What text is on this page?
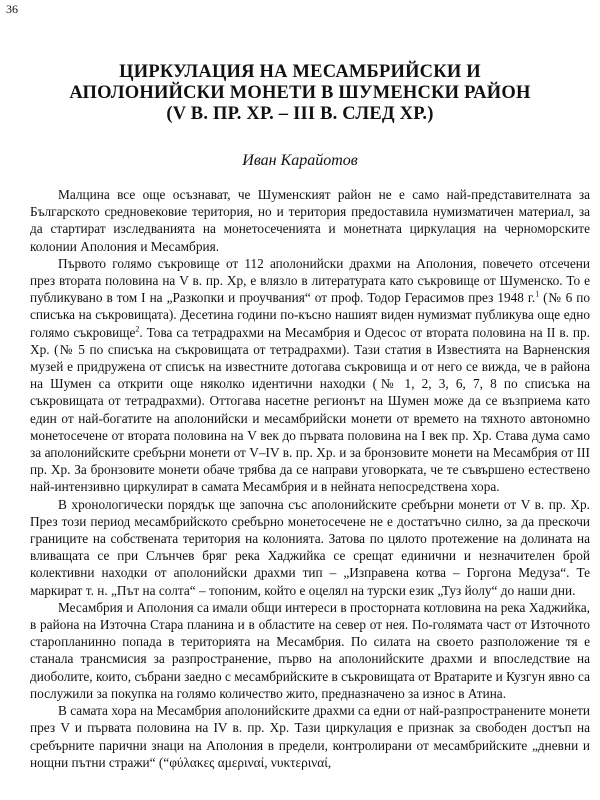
36
ЦИРКУЛАЦИЯ НА МЕСАМБРИЙСКИ И
АПОЛОНИЙСКИ МОНЕТИ В ШУМЕНСКИ РАЙОН
(V В. ПР. ХР. – III В. СЛЕД ХР.)
Иван Карайотов

Малцина все още осъзнават, че Шуменският район не е само най-представителната за Българското средновековие територия, но и територия предоставила нумизматичен материал, за да стартират изследванията на монетосеченията и монетната циркулация на черноморските колонии Аполония и Месамбрия.

Първото голямо съкровище от 112 аполонийски драхми на Аполония, повечето отсечени през втората половина на V в. пр. Хр, е влязло в литературата като съкровище от Шуменско. То е публикувано в том I на „Разкопки и проучвания“ от проф. Тодор Герасимов през 1948 г.$^1$ (№ 6 по списъка на съкровищата). Десетина години по-късно нашият виден нумизмат публикува още едно голямо съкровище$^2$. Това са тетрадрахми на Месамбрия и Одесос от втората половина на II в. пр. Хр. (№ 5 по списъка на съкровищата от тетрадрахми). Тази статия в Известията на Варненския музей е придружена от списък на известните дотогава съкровища и от него се вижда, че в района на Шумен са открити още няколко идентични находки (№ 1, 2, 3, 6, 7, 8 по списъка на съкровищата от тетрадрахми). Оттогава насетне регионът на Шумен може да се възприема като един от най-богатите на аполонийски и месамбрийски монети от времето на тяхното автономно монетосечене от втората половина на V век до първата половина на I век пр. Хр. Става дума само за аполонийските сребърни монети от V–IV в. пр. Хр. и за бронзовите монети на Месамбрия от III пр. Хр. За бронзовите монети обаче трябва да се направи уговорката, че те съвършено естествено най-интензивно циркулират в самата Месамбрия и в нейната непосредствена хора.

В хронологически порядък ще започна със аполонийските сребърни монети от V в. пр. Хр. През този период месамбрийското сребърно монетосечене не е достатъчно силно, за да прескочи границите на собствената територия на колонията. Затова по цялото протежение на долината на вливащата се при Слънчев бряг река Хаджийка се срещат единични и незначителен брой колективни находки от аполонийски драхми тип – „Изправена котва – Горгона Медуза“. Те маркират т. н. „Път на солта“ – топоним, който е оцелял на турски език „Туз йолу“ до наши дни.

Месамбрия и Аполония са имали общи интереси в просторната котловина на река Хаджийка, в района на Източна Стара планина и в областите на север от нея. По-голямата част от Източното старопланинно попада в територията на Месамбрия. По силата на своето разположение тя е станала трансмисия за разпространение, първо на аполонийските драхми и впоследствие на диоболите, които, събрани заедно с месамбрийските в съкровищата от Вратарите и Кузгун явно са послужили за покупка на голямо количество жито, предназначено за износ в Атина.

В самата хора на Месамбрия аполонийските драхми са едни от най-разпространените монети през V и първата половина на IV в. пр. Хр. Тази циркулация е признак за свободен достъп на сребърните парични знаци на Аполония в предели, контролирани от месамбрийските „дневни и нощни пътни стражи“ (“φύλακες αμεριναί, νυκτεριναί,
